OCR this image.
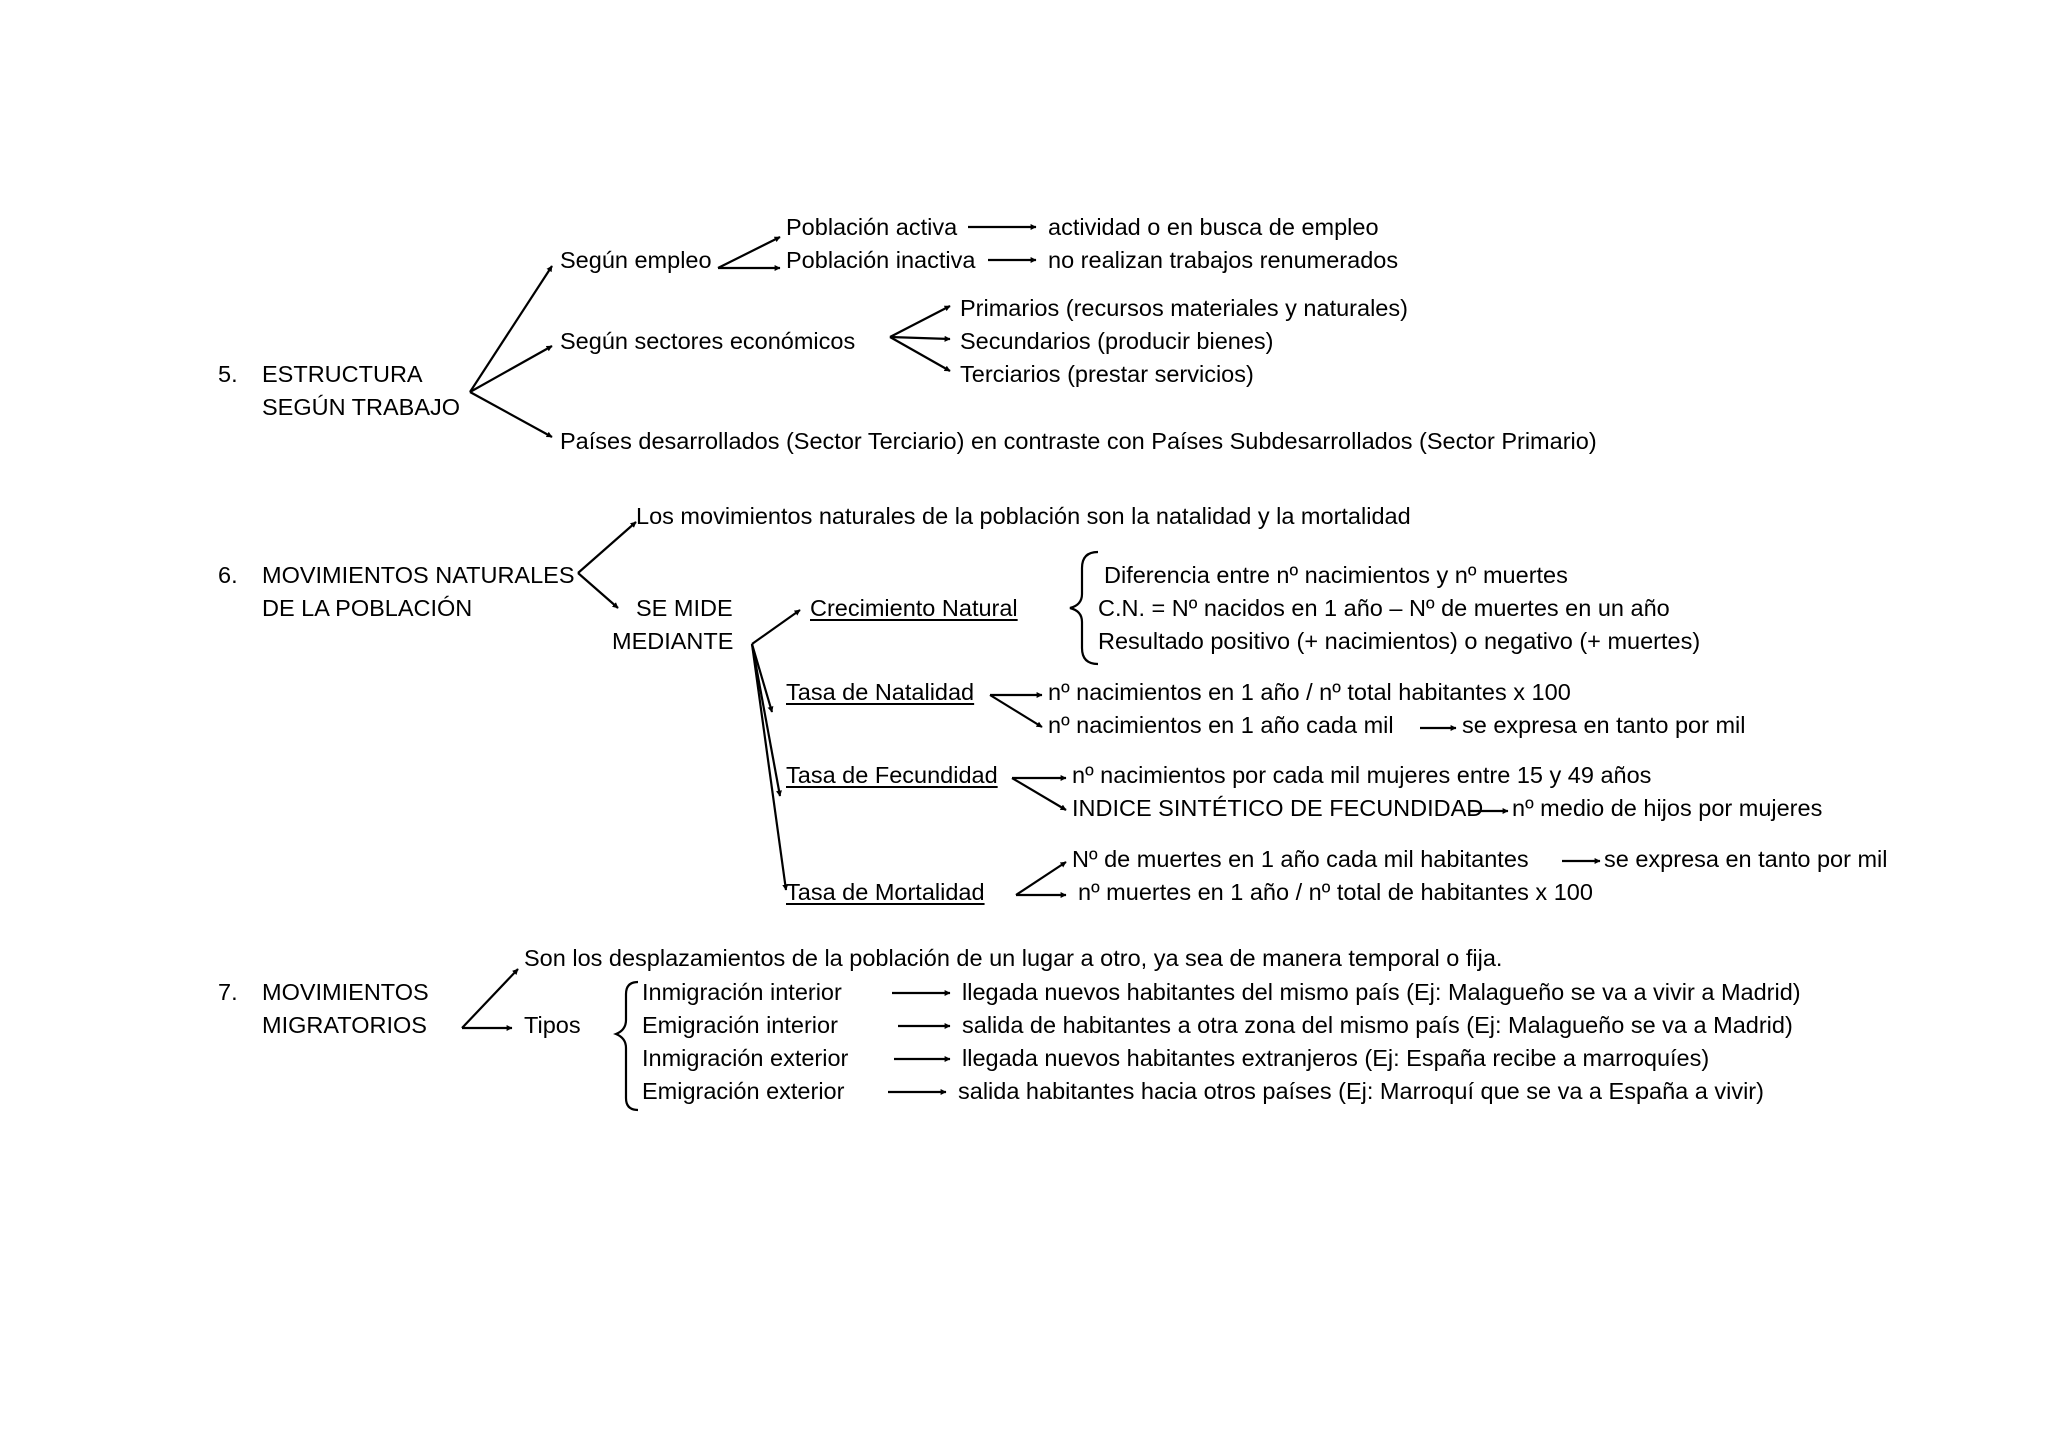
5. ESTRUCTURA
SEGÚN TRABAJO
Según empleo
Población activa	actividad o en busca de empleo
Población inactiva	no realizan trabajos renumerados
Según sectores económicos
Primarios (recursos materiales y naturales)
Secundarios (producir bienes)
Terciarios (prestar servicios)
Países desarrollados (Sector Terciario) en contraste con Países Subdesarrollados (Sector Primario)
6. MOVIMIENTOS NATURALES
DE LA POBLACIÓN
Los movimientos naturales de la población son la natalidad y la mortalidad
SE MIDE
MEDIANTE
Crecimiento Natural
Diferencia entre nº nacimientos y nº muertes
C.N. = Nº nacidos en 1 año – Nº de muertes en un año
Resultado positivo (+ nacimientos) o negativo (+ muertes)
Tasa de Natalidad	nº nacimientos en 1 año / nº total habitantes x 100
nº nacimientos en 1 año cada mil	se expresa en tanto por mil
Tasa de Fecundidad	nº nacimientos por cada mil mujeres entre 15 y 49 años
INDICE SINTÉTICO DE FECUNDIDAD nº medio de hijos por mujeres
Tasa de Mortalidad
Nº de muertes en 1 año cada mil habitantes	se expresa en tanto por mil
nº muertes en 1 año / nº total de habitantes x 100
7. MOVIMIENTOS
MIGRATORIOS
Son los desplazamientos de la población de un lugar a otro, ya sea de manera temporal o fija.
Tipos
Inmigración interior	llegada nuevos habitantes del mismo país (Ej: Malagueño se va a vivir a Madrid)
Emigración interior	salida de habitantes a otra zona del mismo país (Ej: Malagueño se va a Madrid)
Inmigración exterior	llegada nuevos habitantes extranjeros (Ej: España recibe a marroquíes)
Emigración exterior	salida habitantes hacia otros países (Ej: Marroquí que se va a España a vivir)
